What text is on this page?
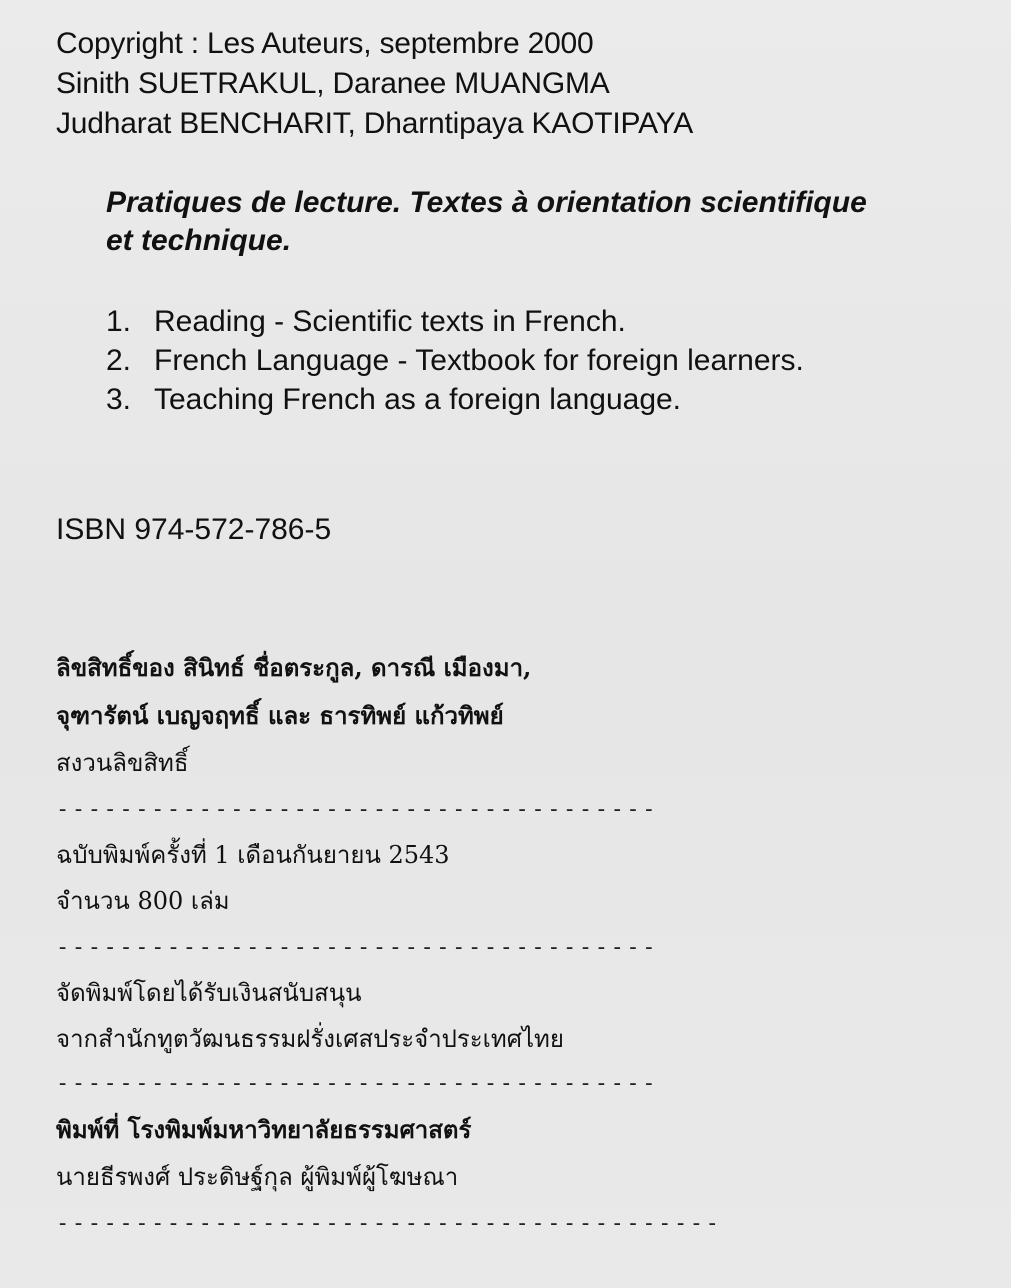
Copyright : Les Auteurs, septembre 2000
Sinith SUETRAKUL, Daranee MUANGMA
Judharat BENCHARIT, Dharntipaya KAOTIPAYA
Pratiques de lecture. Textes à orientation scientifique
et technique.
1. Reading - Scientific texts in French.
2. French Language - Textbook for foreign learners.
3. Teaching French as a foreign language.
ISBN 974-572-786-5
ลิขสิทธิ์ของ สินิทธ์ ชื่อตระกูล, ดารณี เมืองมา,
จุฑารัตน์ เบญจฤทธิ์ และ ธารทิพย์ แก้วทิพย์
สงวนลิขสิทธิ์
--------------------------------------
ฉบับพิมพ์ครั้งที่ 1 เดือนกันยายน 2543
จำนวน 800 เล่ม
--------------------------------------
จัดพิมพ์โดยได้รับเงินสนับสนุน
จากสำนักทูตวัฒนธรรมฝรั่งเศสประจำประเทศไทย
--------------------------------------
พิมพ์ที่ โรงพิมพ์มหาวิทยาลัยธรรมศาสตร์
นายธีรพงศ์ ประดิษฐ์กุล ผู้พิมพ์ผู้โฆษณา
------------------------------------------
